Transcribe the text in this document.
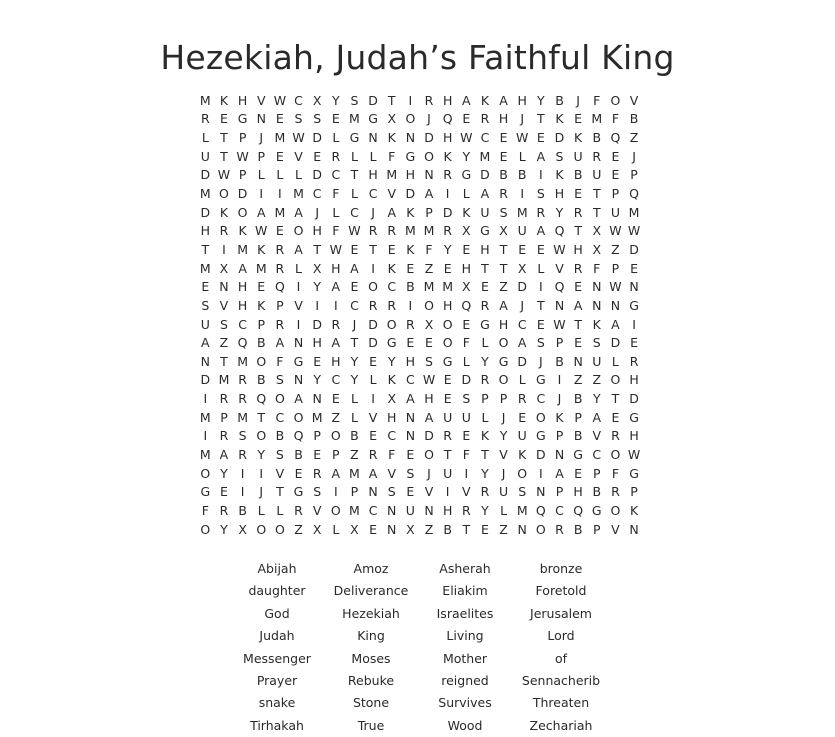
Hezekiah, Judah’s Faithful King
M K H V W C X Y S D T	I R H A K A H Y B	J	F O V
R E G N E S S E M G X O J Q E R H J	T K E M F B
L T P	J M W D L G N K N D H W C E W E D K B Q Z
U T W P E V E R L L F G O K Y M E L A S U R E	J
D W P L L L D C T H M H N R G D B B	I	K B U E P
M O D I	I M C F L C V D A	I	L A R I	S H E T P Q
D K O A M A	J	L C J	A K P D K U S M R Y R T U M
H R K W E O H F W R R M M R X G X U A Q T X W W
T	I M K R A T W E T E K F Y E H T E E W H X Z D
M X A M R L X H A	I	K E Z E H T T X L V R F P E
E N H E Q I	Y A E O C B M M X E Z D I Q E N W N
S V H K P V	I	I C R R I O H Q R A	J	T N A N N G
U S C P R I D R J D O R X O E G H C E W T K A	I
A Z Q B A N H A T D G E E O F L O A S P E S D E
N T M O F G E H Y E Y H S G L Y G D J	B N U L R
D M R B S N Y C Y L K C W E D R O L G I	Z Z O H
I R R Q O A N E L	I	X A H E S P P R C J	B Y T D
M P M T C O M Z L V H N A U U L	J	E O K P A E G
I R S O B Q P O B E C N D R E K Y U G P B V R H
M A R Y S B E P Z R F E O T F T V K D N G C O W
O Y	I	I	V E R A M A V S	J U I	Y	J O I	A E P F G
G E	I	J	T G S	I	P N S E V	I	V R U S N P H B R P
F R B L L R V O M C N U N H R Y L M Q C Q G O K
O Y X O O Z X L X E N X Z B T E Z N O R B P V N
Abijah	Amoz	Asherah	bronze
daughter	Deliverance	Eliakim	Foretold
God	Hezekiah	Israelites	Jerusalem
Judah	King	Living	Lord
Messenger	Moses	Mother	of
Prayer	Rebuke	reigned	Sennacherib
snake	Stone	Survives	Threaten
Tirhakah	True	Wood	Zechariah
